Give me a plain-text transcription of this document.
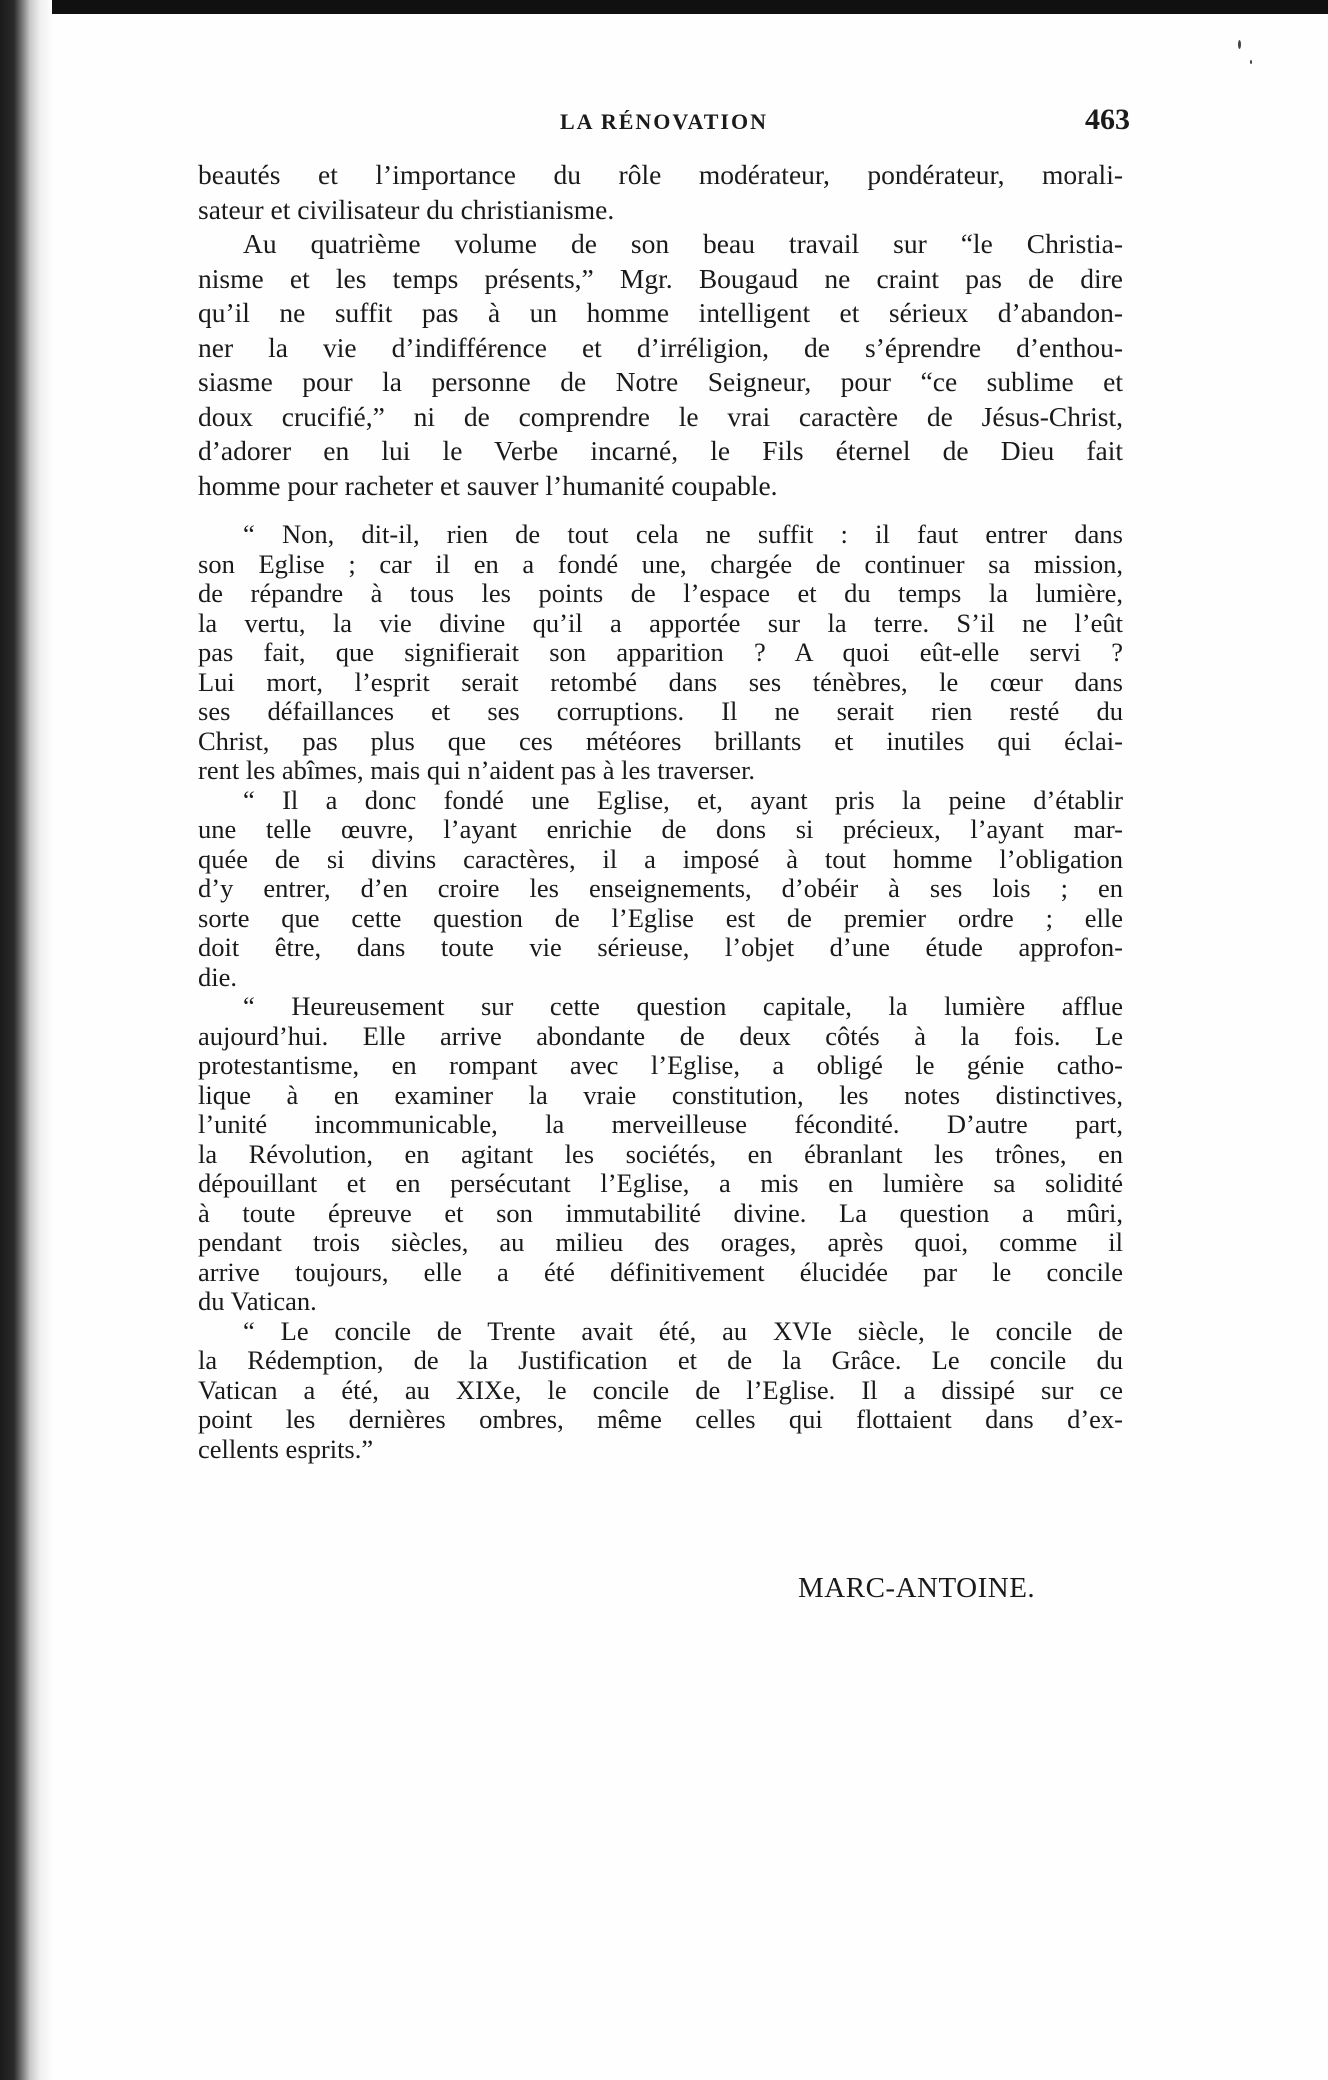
LA RÉNOVATION	463
beautés et l’importance du rôle modérateur, pondérateur, morali-
sateur et civilisateur du christianisme.
Au quatrième volume de son beau travail sur “le Christia-
nisme et les temps présents,” Mgr. Bougaud ne craint pas de dire
qu’il ne suffit pas à un homme intelligent et sérieux d’abandon-
ner la vie d’indifférence et d’irréligion, de s’éprendre d’enthou-
siasme pour la personne de Notre Seigneur, pour “ce sublime et
doux crucifié,” ni de comprendre le vrai caractère de Jésus-Christ,
d’adorer en lui le Verbe incarné, le Fils éternel de Dieu fait
homme pour racheter et sauver l’humanité coupable.
“ Non, dit-il, rien de tout cela ne suffit : il faut entrer dans
son Eglise ; car il en a fondé une, chargée de continuer sa mission,
de répandre à tous les points de l’espace et du temps la lumière,
la vertu, la vie divine qu’il a apportée sur la terre. S’il ne l’eût
pas fait, que signifierait son apparition ? A quoi eût-elle servi ?
Lui mort, l’esprit serait retombé dans ses ténèbres, le cœur dans
ses défaillances et ses corruptions. Il ne serait rien resté du
Christ, pas plus que ces météores brillants et inutiles qui éclai-
rent les abîmes, mais qui n’aident pas à les traverser.
“ Il a donc fondé une Eglise, et, ayant pris la peine d’établir
une telle œuvre, l’ayant enrichie de dons si précieux, l’ayant mar-
quée de si divins caractères, il a imposé à tout homme l’obligation
d’y entrer, d’en croire les enseignements, d’obéir à ses lois ; en
sorte que cette question de l’Eglise est de premier ordre ; elle
doit être, dans toute vie sérieuse, l’objet d’une étude approfon-
die.
“ Heureusement sur cette question capitale, la lumière afflue
aujourd’hui. Elle arrive abondante de deux côtés à la fois. Le
protestantisme, en rompant avec l’Eglise, a obligé le génie catho-
lique à en examiner la vraie constitution, les notes distinctives,
l’unité incommunicable, la merveilleuse fécondité. D’autre part,
la Révolution, en agitant les sociétés, en ébranlant les trônes, en
dépouillant et en persécutant l’Eglise, a mis en lumière sa solidité
à toute épreuve et son immutabilité divine. La question a mûri,
pendant trois siècles, au milieu des orages, après quoi, comme il
arrive toujours, elle a été définitivement élucidée par le concile
du Vatican.
“ Le concile de Trente avait été, au XVIe siècle, le concile de
la Rédemption, de la Justification et de la Grâce. Le concile du
Vatican a été, au XIXe, le concile de l’Eglise. Il a dissipé sur ce
point les dernières ombres, même celles qui flottaient dans d’ex-
cellents esprits.”
MARC-ANTOINE.
